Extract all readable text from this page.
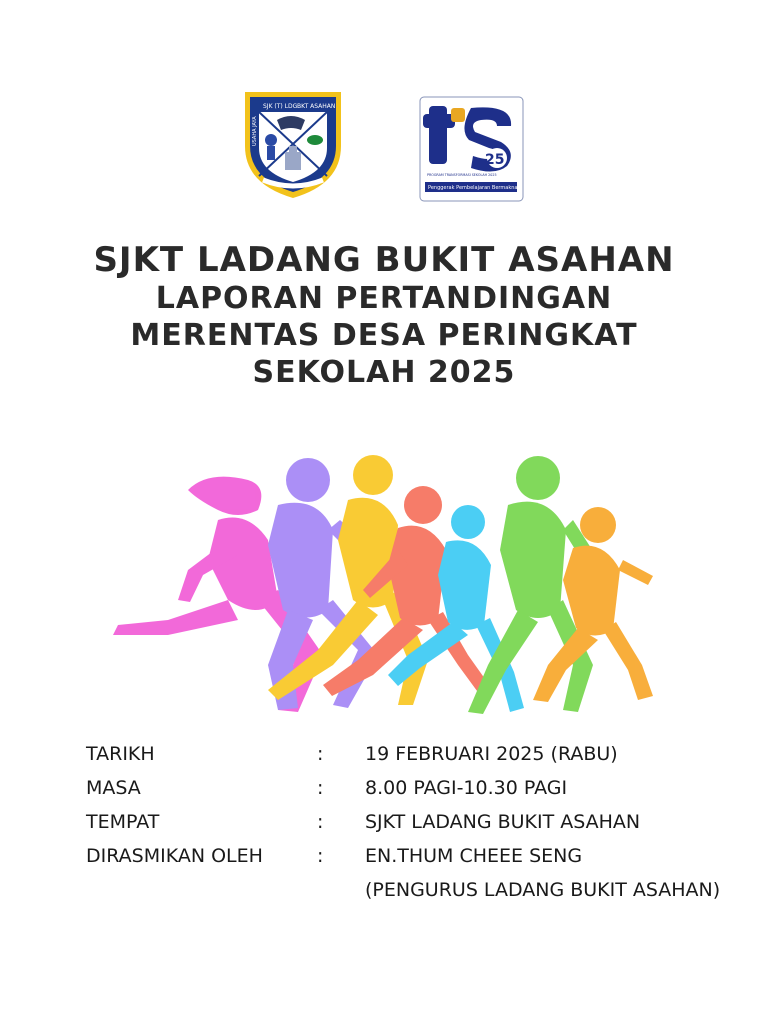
SJK (T) LDG.
BKT ASAHAN
USAHA JAYA
25
PROGRAM TRANSFORMASI SEKOLAH 2025
Penggerak Pembelajaran Bermakna

SJKT LADANG BUKIT ASAHAN

LAPORAN PERTANDINGAN

MERENTAS DESA PERINGKAT

SEKOLAH 2025

TARIKH	: 19 FEBRUARI 2025 (RABU)
MASA	: 8.00 PAGI-10.30 PAGI
TEMPAT	: SJKT LADANG BUKIT ASAHAN
DIRASMIKAN OLEH	: EN.THUM CHEEE SENG
(PENGURUS LADANG BUKIT ASAHAN)
